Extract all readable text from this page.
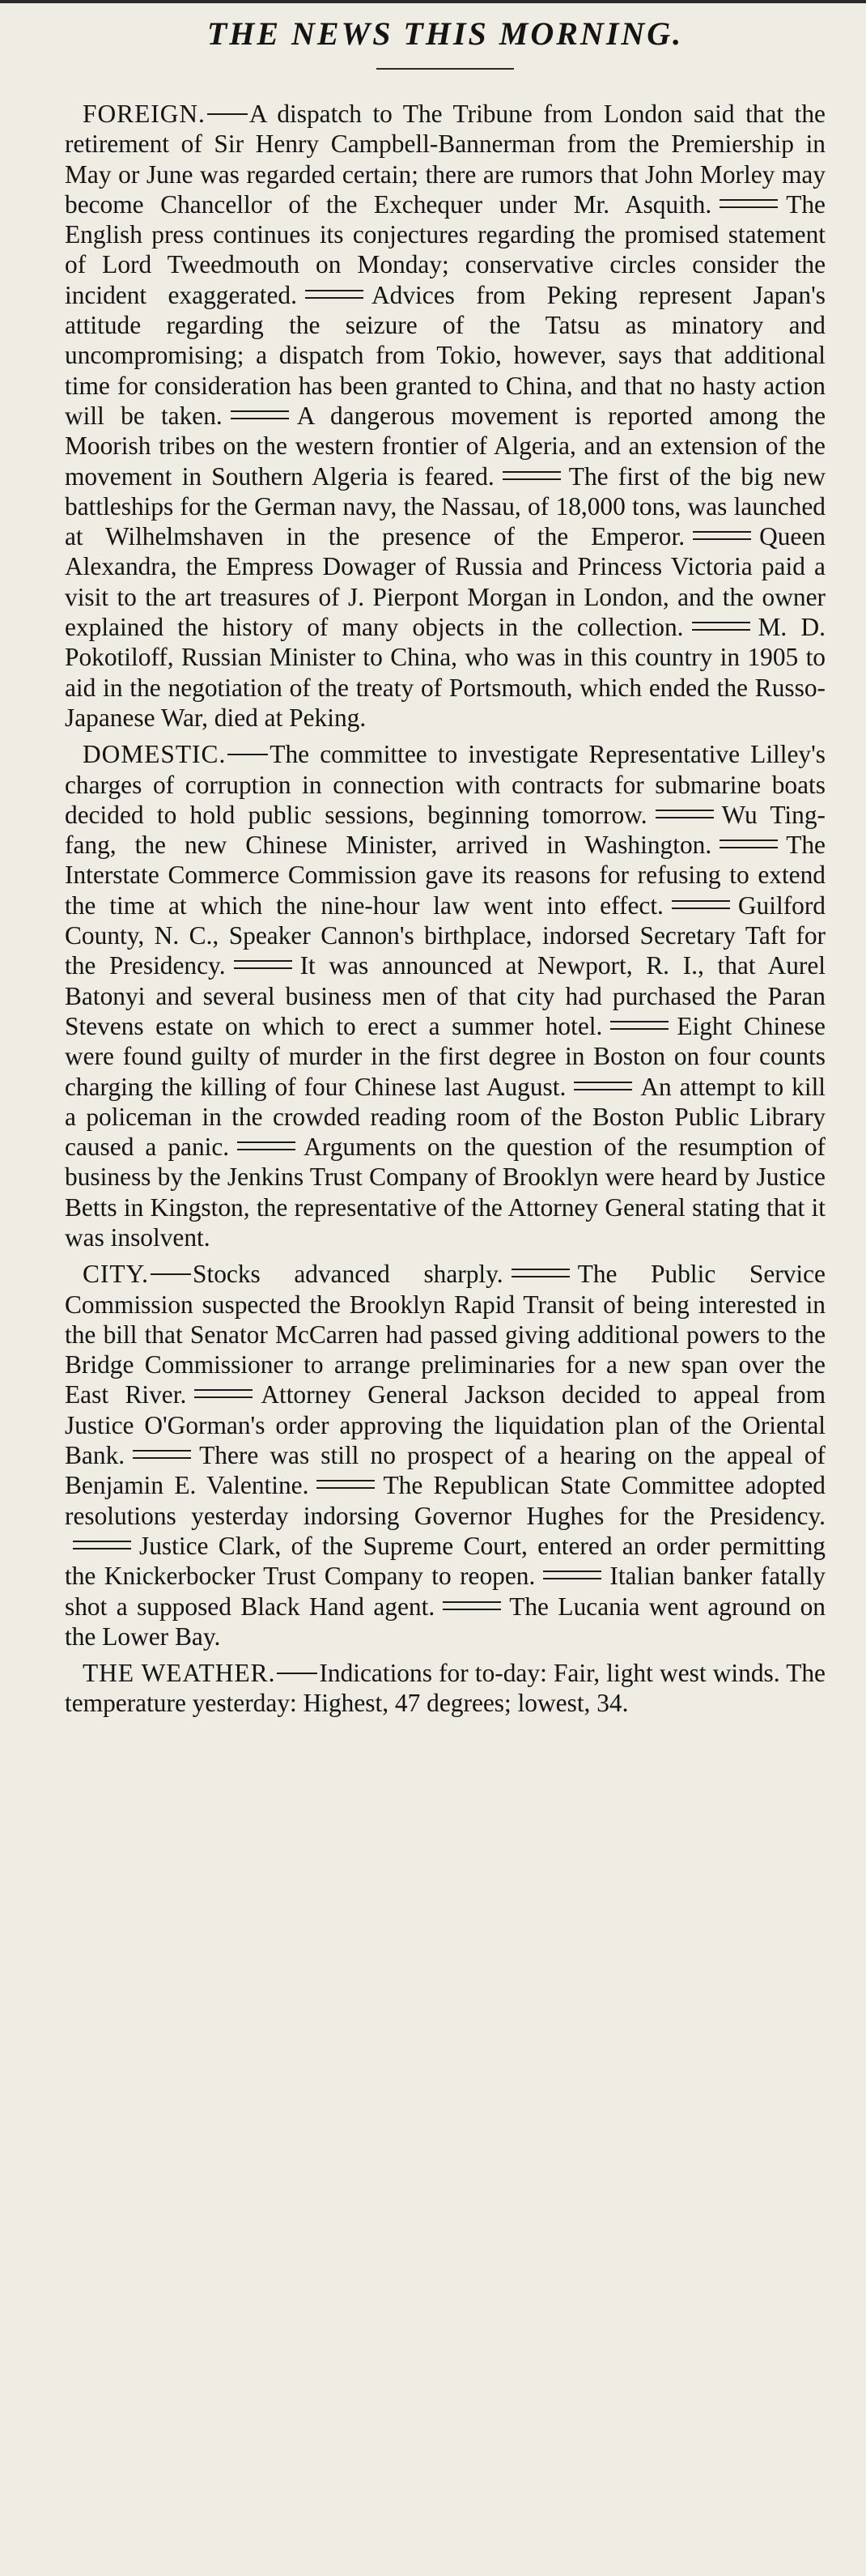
THE NEWS THIS MORNING.

FOREIGN. A dispatch to The Tribune from London said that the retirement of Sir Henry Campbell-Bannerman from the Premiership in May or June was regarded certain; there are rumors that John Morley may become Chancellor of the Exchequer under Mr. Asquith.	The English press continues its conjectures regarding the promised statement of Lord Tweedmouth on Monday; conservative circles consider the incident exaggerated.	Advices from Peking represent Japan's attitude regarding the seizure of the Tatsu as minatory and uncompromising; a dispatch from Tokio, however, says that additional time for consideration has been granted to China, and that no hasty action will be taken.	A dangerous movement is reported among the Moorish tribes on the western frontier of Algeria, and an extension of the movement in Southern Algeria is feared.	The first of the big new battleships for the German navy, the Nassau, of 18,000 tons, was launched at Wilhelmshaven in the presence of the Emperor.	Queen Alexandra, the Empress Dowager of Russia and Princess Victoria paid a visit to the art treasures of J. Pierpont Morgan in London, and the owner explained the history of many objects in the collection.	M. D. Pokotiloff, Russian Minister to China, who was in this country in 1905 to aid in the negotiation of the treaty of Portsmouth, which ended the Russo-Japanese War, died at Peking.

DOMESTIC. The committee to investigate Representative Lilley's charges of corruption in connection with contracts for submarine boats decided to hold public sessions, beginning tomorrow.	Wu Ting-fang, the new Chinese Minister, arrived in Washington.	The Interstate Commerce Commission gave its reasons for refusing to extend the time at which the nine-hour law went into effect.	Guilford County, N. C., Speaker Cannon's birthplace, indorsed Secretary Taft for the Presidency.	It was announced at Newport, R. I., that Aurel Batonyi and several business men of that city had purchased the Paran Stevens estate on which to erect a summer hotel.	Eight Chinese were found guilty of murder in the first degree in Boston on four counts charging the killing of four Chinese last August.	An attempt to kill a policeman in the crowded reading room of the Boston Public Library caused a panic.	Arguments on the question of the resumption of business by the Jenkins Trust Company of Brooklyn were heard by Justice Betts in Kingston, the representative of the Attorney General stating that it was insolvent.

CITY. Stocks advanced sharply.	The Public Service Commission suspected the Brooklyn Rapid Transit of being interested in the bill that Senator McCarren had passed giving additional powers to the Bridge Commissioner to arrange preliminaries for a new span over the East River.	Attorney General Jackson decided to appeal from Justice O'Gorman's order approving the liquidation plan of the Oriental Bank.	There was still no prospect of a hearing on the appeal of Benjamin E. Valentine.	The Republican State Committee adopted resolutions yesterday indorsing Governor Hughes for the Presidency.Justice Clark, of the Supreme Court, entered an order permitting the Knickerbocker Trust Company to reopen.	Italian banker fatally shot a supposed Black Hand agent.	The Lucania went aground on the Lower Bay.

THE WEATHER. Indications for to-day: Fair, light west winds. The temperature yesterday: Highest, 47 degrees; lowest, 34.
